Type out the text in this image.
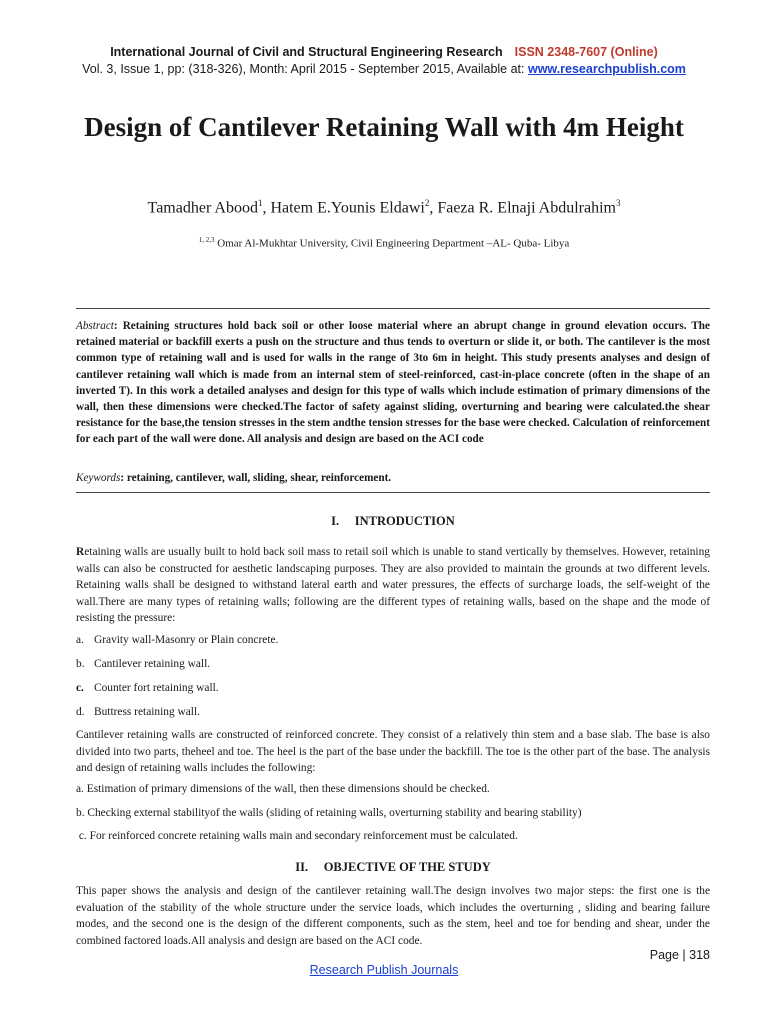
International Journal of Civil and Structural Engineering Research ISSN 2348-7607 (Online)
Vol. 3, Issue 1, pp: (318-326), Month: April 2015 - September 2015, Available at: www.researchpublish.com
Design of Cantilever Retaining Wall with 4m Height
Tamadher Abood$^1$, Hatem E.Younis Eldawi$^2$, Faeza R. Elnaji Abdulrahim$^3$
$^{1, 2,3}$ Omar Al-Mukhtar University, Civil Engineering Department –AL- Quba- Libya
Abstract: Retaining structures hold back soil or other loose material where an abrupt change in ground elevation occurs. The retained material or backfill exerts a push on the structure and thus tends to overturn or slide it, or both. The cantilever is the most common type of retaining wall and is used for walls in the range of 3to 6m in height. This study presents analyses and design of cantilever retaining wall which is made from an internal stem of steel-reinforced, cast-in-place concrete (often in the shape of an inverted T). In this work a detailed analyses and design for this type of walls which include estimation of primary dimensions of the wall, then these dimensions were checked.The factor of safety against sliding, overturning and bearing were calculated.the shear resistance for the base,the tension stresses in the stem andthe tension stresses for the base were checked. Calculation of reinforcement for each part of the wall were done. All analysis and design are based on the ACI code
Keywords: retaining, cantilever, wall, sliding, shear, reinforcement.
I.     INTRODUCTION
Retaining walls are usually built to hold back soil mass to retail soil which is unable to stand vertically by themselves. However, retaining walls can also be constructed for aesthetic landscaping purposes. They are also provided to maintain the grounds at two different levels. Retaining walls shall be designed to withstand lateral earth and water pressures, the effects of surcharge loads, the self-weight of the wall.There are many types of retaining walls; following are the different types of retaining walls, based on the shape and the mode of resisting the pressure:
a. Gravity wall-Masonry or Plain concrete.
b. Cantilever retaining wall.
c. Counter fort retaining wall.
d. Buttress retaining wall.
Cantilever retaining walls are constructed of reinforced concrete. They consist of a relatively thin stem and a base slab. The base is also divided into two parts, theheel and toe. The heel is the part of the base under the backfill. The toe is the other part of the base. The analysis and design of retaining walls includes the following:
a. Estimation of primary dimensions of the wall, then these dimensions should be checked.
b. Checking external stabilityof the walls (sliding of retaining walls, overturning stability and bearing stability)
c. For reinforced concrete retaining walls main and secondary reinforcement must be calculated.
II.     OBJECTIVE OF THE STUDY
This paper shows the analysis and design of the cantilever retaining wall.The design involves two major steps: the first one is the evaluation of the stability of the whole structure under the service loads, which includes the overturning , sliding and bearing failure modes, and the second one is the design of the different components, such as the stem, heel and toe for bending and shear, under the combined factored loads.All analysis and design are based on the ACI code.
Page | 318
Research Publish Journals
